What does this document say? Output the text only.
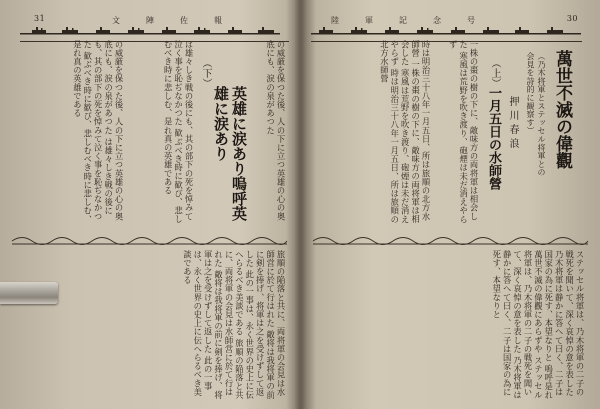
31	文　陣　佐　報
の威厳を保つた後、人の下に立つ英雄の心の奥底にも、涙の泉があつた は雄々しき戦の後にも、其の部下の死を悼みて泣く事を恥ぢなかつた 歓ぶべき時に歓び、悲しむべき時に悲しむ、是れ真の英雄である	は雄々しき戦の後にも、其の部下の死を悼みて泣く事を恥ぢなかつた 歓ぶべき時に歓び、悲しむべき時に悲しむ、是れ真の英雄である	（下）
英雄に涙あり嗚呼英雄に涙あり	の威厳を保つた後、人の下に立つ英雄の心の奥底にも、涙の泉があつた
旅順の陥落と共に、両将軍の会見は水師営に於て行はれた 敵将は我将軍の前に剣を捧げ、将軍は之を受けずして返した 此の一事は、永く世界の史上に伝へらるべき美談である 旅順の陥落と共に、両将軍の会見は水師営に於て行はれた 敵将は我将軍の前に剣を捧げ、将軍は之を受けずして返した 此の一事は、永く世界の史上に伝へらるべき美談である
陸　軍　記　念　号	30
時は明治三十八年一月五日、所は旅順の北方水師營 一株の棗の樹の下に、敵味方の両将軍は相会した 寒風は荒野を吹き渡り、砲煙は未だ消えやらず 時は明治三十八年一月五日、所は旅順の北方水師營	一株の棗の樹の下に、敵味方の両将軍は相会した 寒風は荒野を吹き渡り、砲煙は未だ消えやらず
一月五日の水師營
（上）
押川春浪	（乃木将軍とステッセル将軍との会見を詩的に観察す）	萬世不滅の偉觀
ステッセル将軍は、乃木将軍の二子の戦死を聞いて、深く哀悼の意を表した 乃木将軍は静かに答へて曰く、二子は国家の為に死す、本望なりと 嗚呼是れ萬世不滅の偉觀にあらずや ステッセル将軍は、乃木将軍の二子の戦死を聞いて、深く哀悼の意を表した 乃木将軍は静かに答へて曰く、二子は国家の為に死す、本望なりと
